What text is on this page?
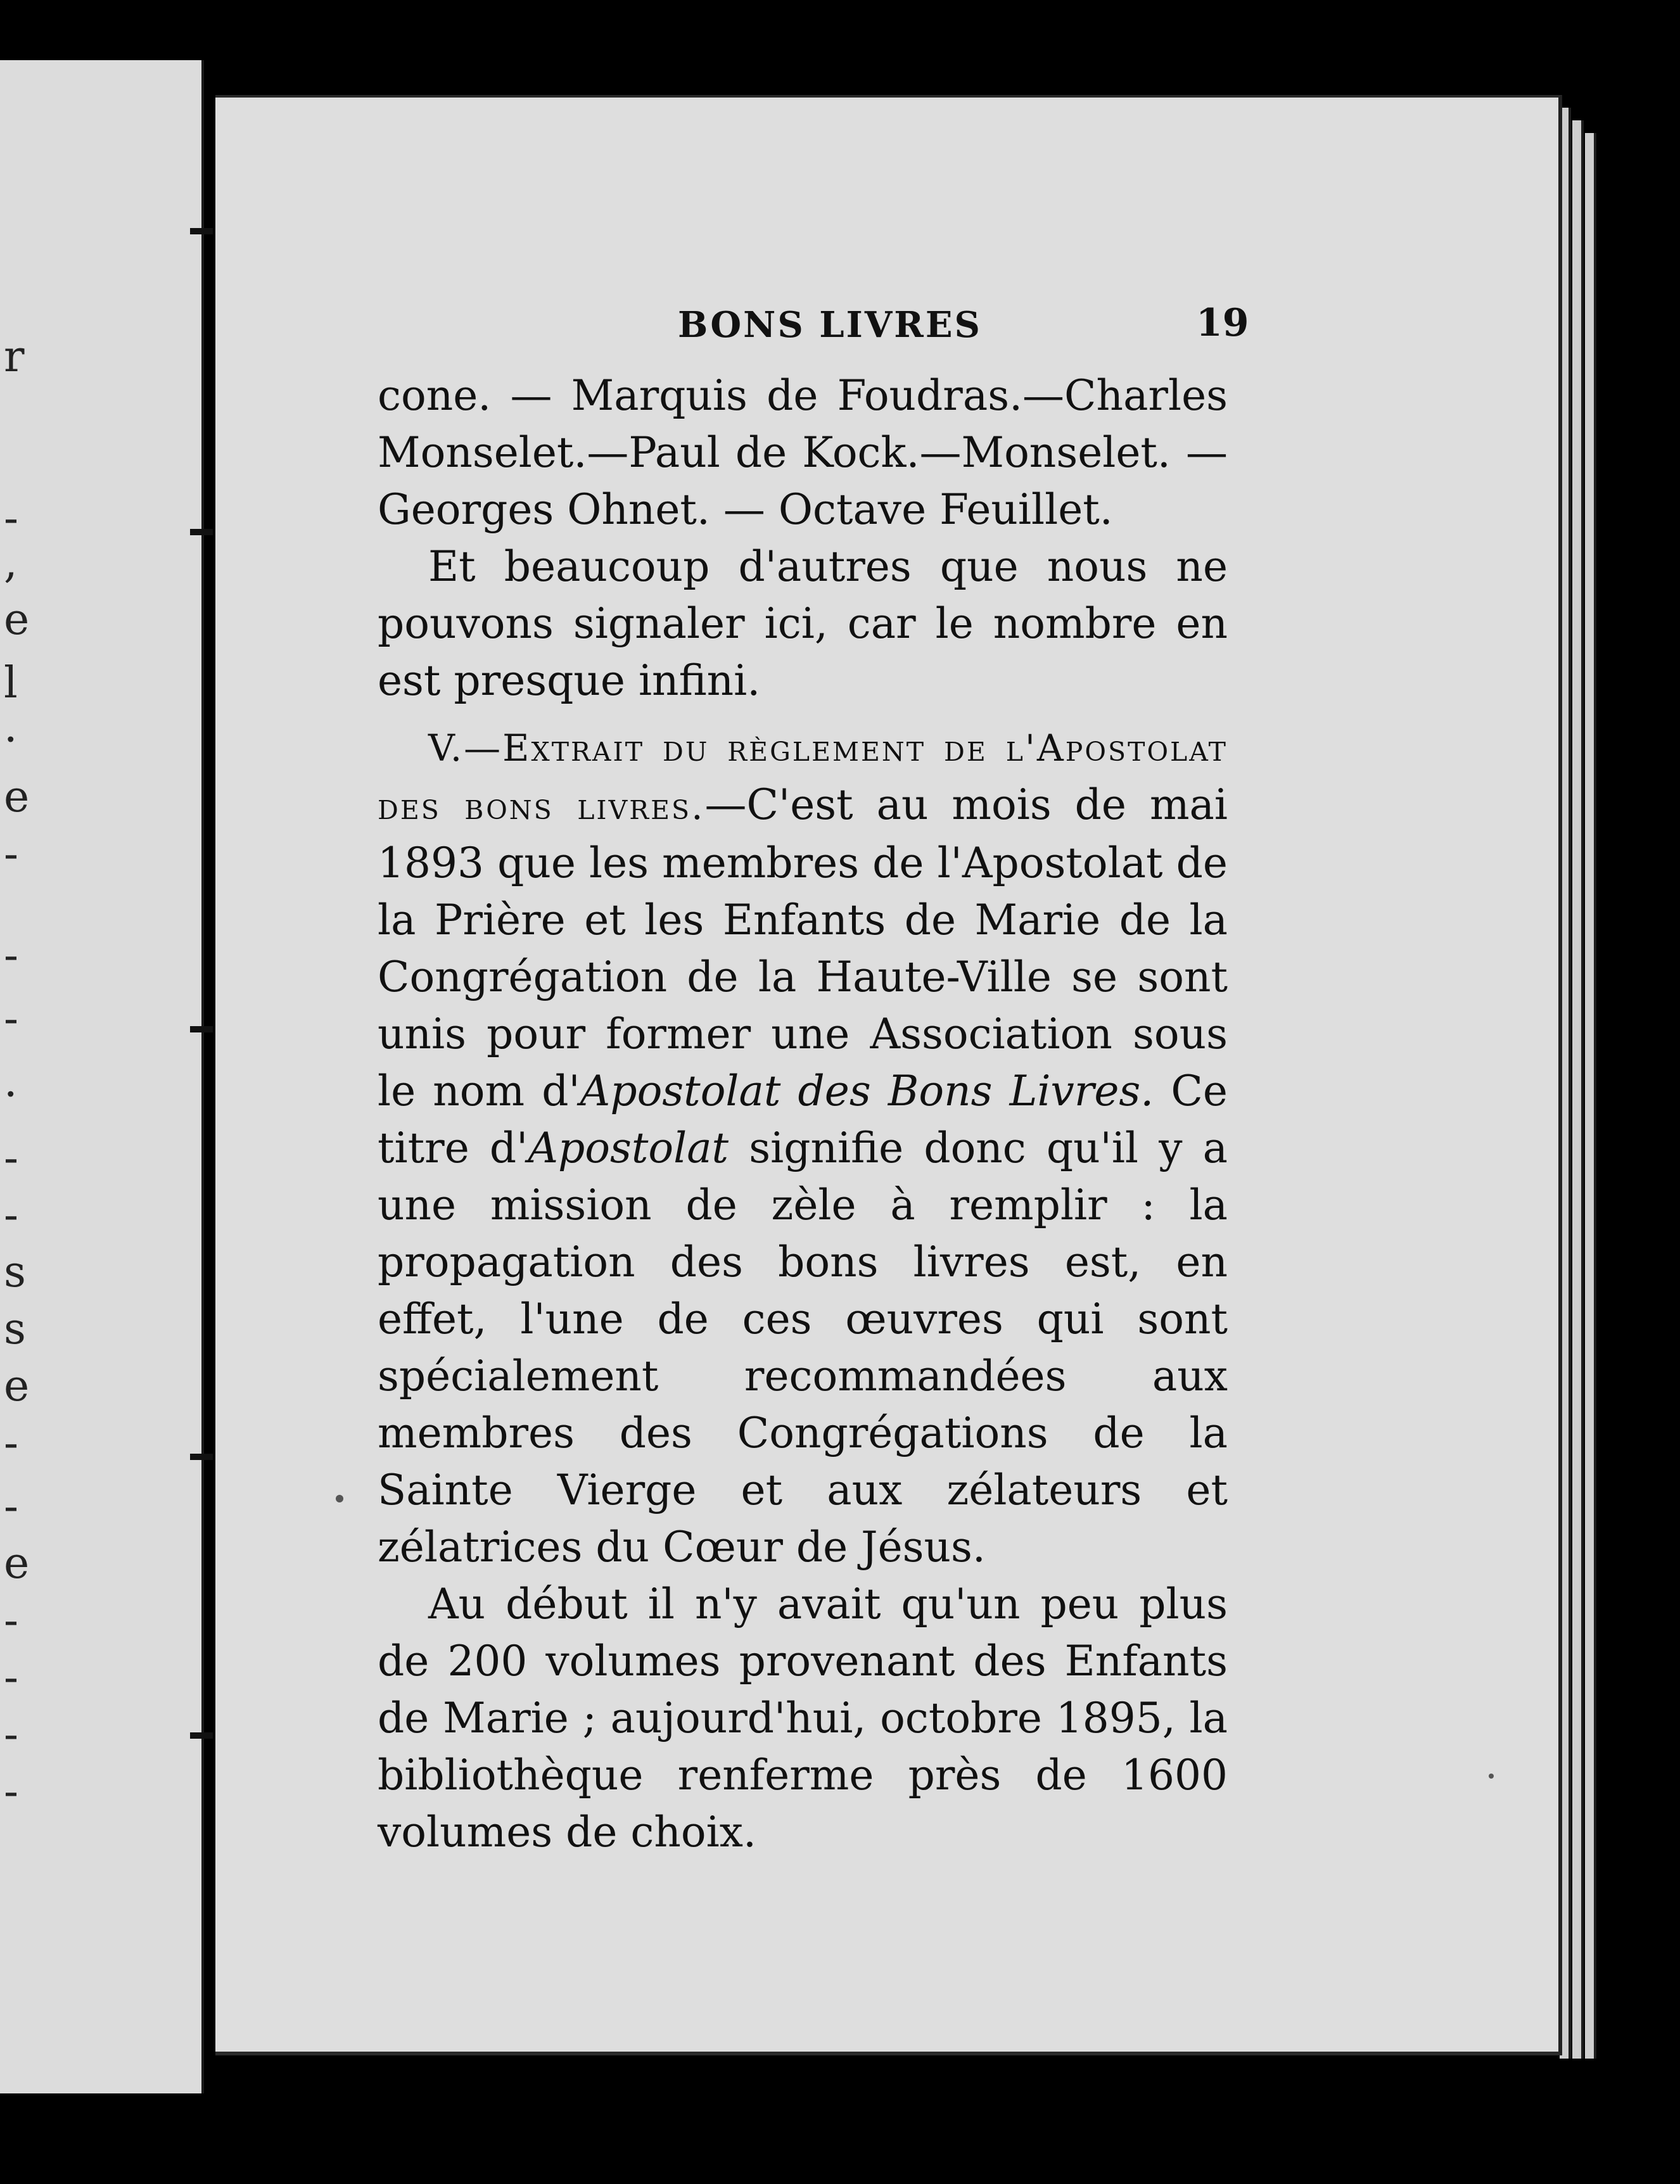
r
-
,
e
l
·
e
-
-
-
·
-
-
s
s
e
-
-
e
-
-
-
-
BONS LIVRES	19

cone. — Marquis de Foudras.—Charles Monselet.—Paul de Kock.—Monselet. — Georges Ohnet. — Octave Feuillet.

Et beaucoup d'autres que nous ne pouvons signaler ici, car le nombre en est presque infini.

V.—Extrait du règlement de l'Apostolat des bons livres.—C'est au mois de mai 1893 que les membres de l'Apostolat de la Prière et les Enfants de Marie de la Congrégation de la Haute-Ville se sont unis pour former une Association sous le nom d'Apostolat des Bons Livres. Ce titre d'Apostolat signifie donc qu'il y a une mission de zèle à remplir : la propagation des bons livres est, en effet, l'une de ces œuvres qui sont spécialement recommandées aux membres des Congrégations de la Sainte Vierge et aux zélateurs et zélatrices du Cœur de Jésus.

Au début il n'y avait qu'un peu plus de 200 volumes provenant des Enfants de Marie ; aujourd'hui, octobre 1895, la bibliothèque renferme près de 1600 volumes de choix.
